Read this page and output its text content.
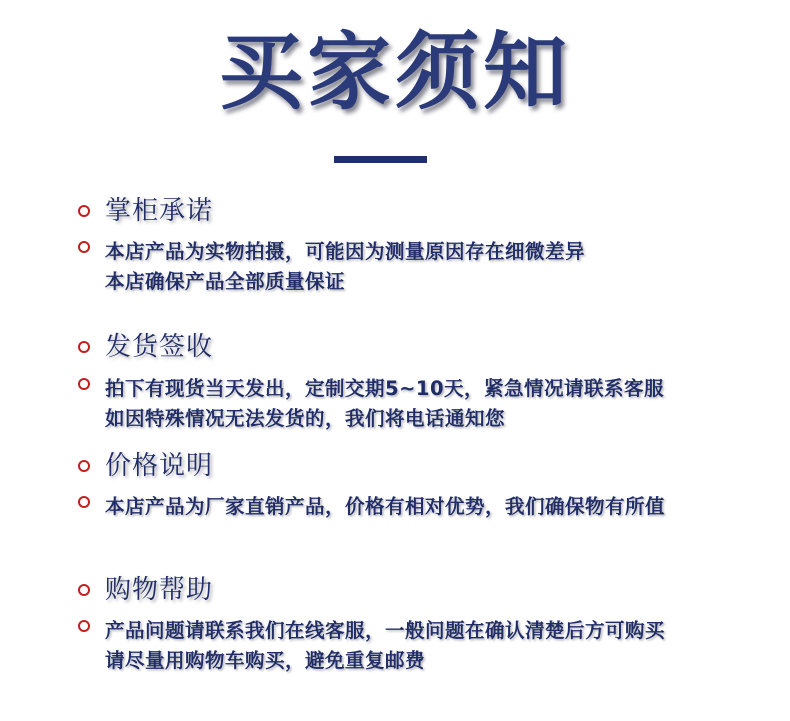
买家须知
掌柜承诺
本店产品为实物拍摄，可能因为测量原因存在细微差异
本店确保产品全部质量保证
发货签收
拍下有现货当天发出，定制交期5~10天，紧急情况请联系客服
如因特殊情况无法发货的，我们将电话通知您
价格说明
本店产品为厂家直销产品，价格有相对优势，我们确保物有所值
购物帮助
产品问题请联系我们在线客服，一般问题在确认清楚后方可购买
请尽量用购物车购买，避免重复邮费
